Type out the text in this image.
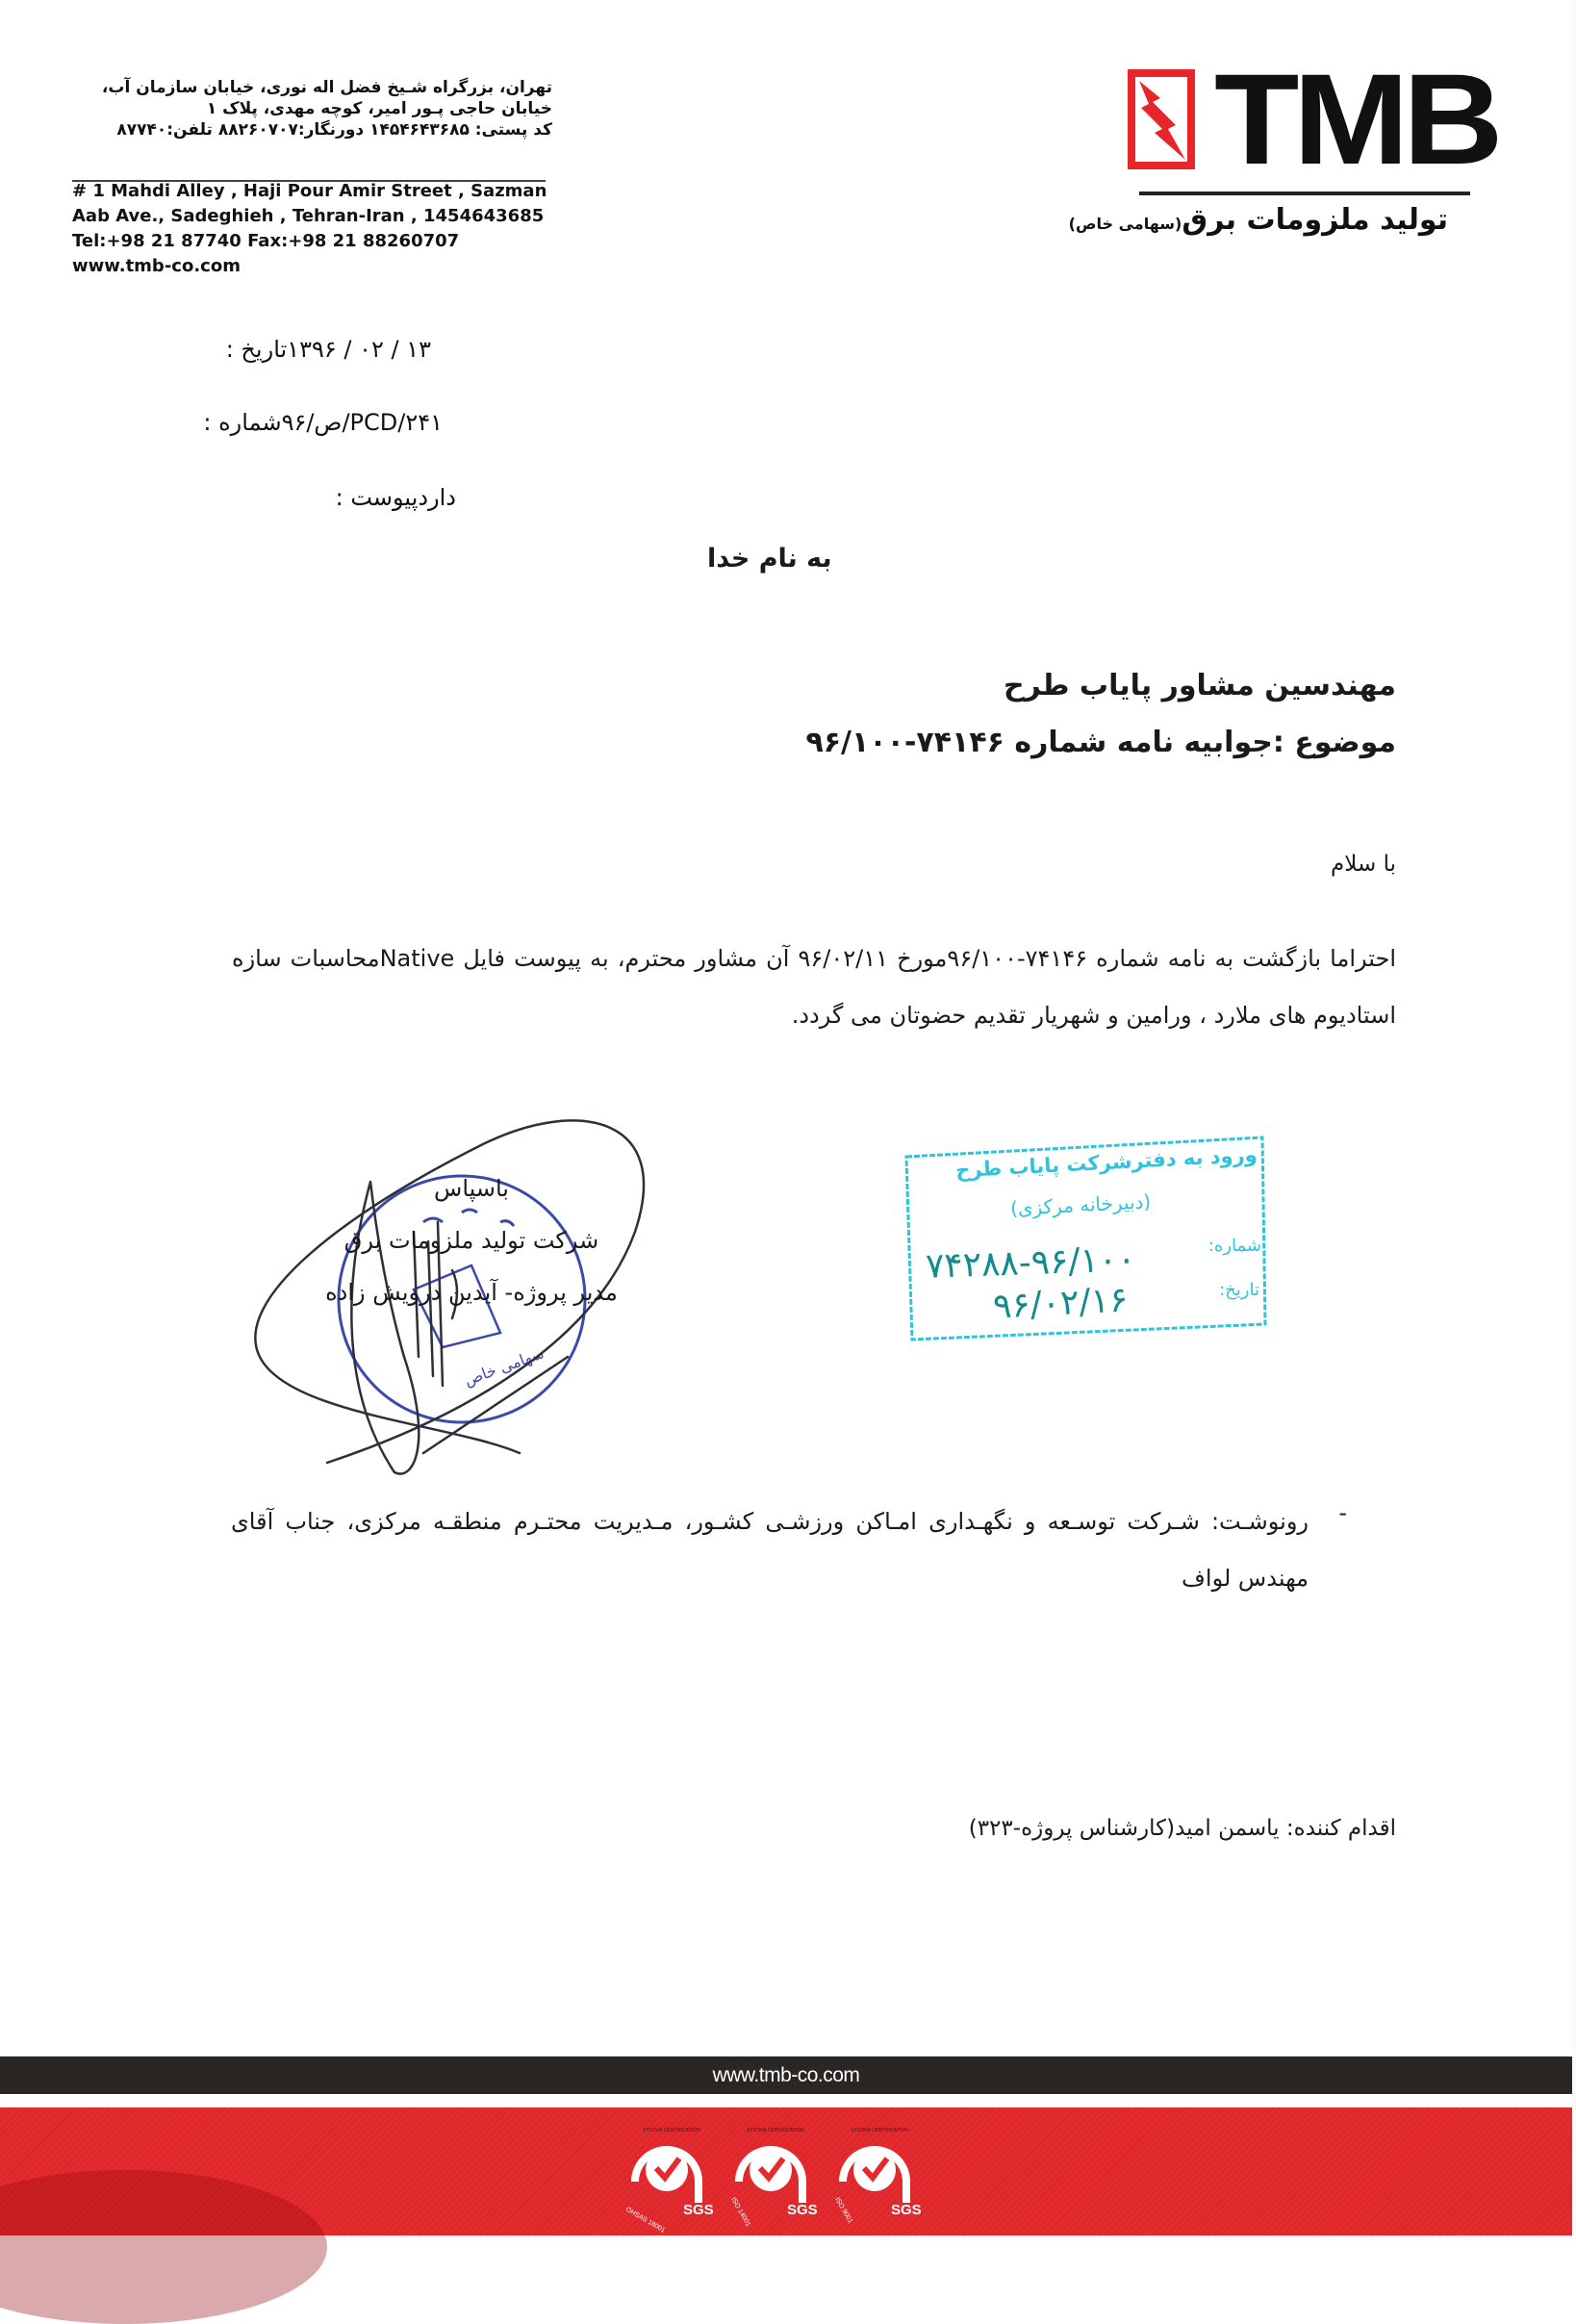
TMB
تولید ملزومات برق(سهامی خاص)
تهران، بزرگراه شـیخ فضل اله نوری، خیابان سازمان آب،
خیابان حاجی پـور امیر، کوچه مهدی، پلاک ۱
کد پستی: ۱۴۵۴۶۴۳۶۸۵ دورنگار:۸۸۲۶۰۷۰۷ تلفن:۸۷۷۴۰
# 1 Mahdi Alley , Haji Pour Amir Street , Sazman
Aab Ave., Sadeghieh , Tehran-Iran , 1454643685
Tel:+98 21 87740 Fax:+98 21 88260707
www.tmb-co.com
تاریخ :۱۳ / ۰۲ / ۱۳۹۶
شماره :PCD/۲۴۱/ص/۹۶
پیوست :دارد
به نام خدا
مهندسین مشاور پایاب طرح
موضوع :جوابیه نامه شماره ۷۴۱۴۶-۹۶/۱۰۰
با سلام
احتراما بازگشت به نامه شماره ۷۴۱۴۶-۹۶/۱۰۰مورخ ۹۶/۰۲/۱۱ آن مشاور محترم، به پیوست فایل Nativeمحاسبات سازه استادیوم های ملارد ، ورامین و شهریار تقدیم حضوتان می گردد.
سهامی خاص
باسپاس
شرکت تولید ملزومات برق
مدیر پروژه- آیدین درویش زاده
ورود به دفترشرکت پایاب طرح
(دبیرخانه مرکزی)
شماره:
۷۴۲۸۸-۹۶/۱۰۰
تاریخ:
۹۶/۰۲/۱۶
-
رونوشـت: شـرکت توسـعه و نگهـداری امـاکن ورزشـی کشـور، مـدیریت محتـرم منطقـه مرکزی، جناب آقای مهندس لواف
اقدام کننده: یاسمن امید(کارشناس پروژه-۳۲۳)
www.tmb-co.com
SGS
OHSAS 18001
SYSTEM CERTIFICATION
SGS
ISO 14001
SYSTEM CERTIFICATION
SGS
ISO 9001
SYSTEM CERTIFICATION
